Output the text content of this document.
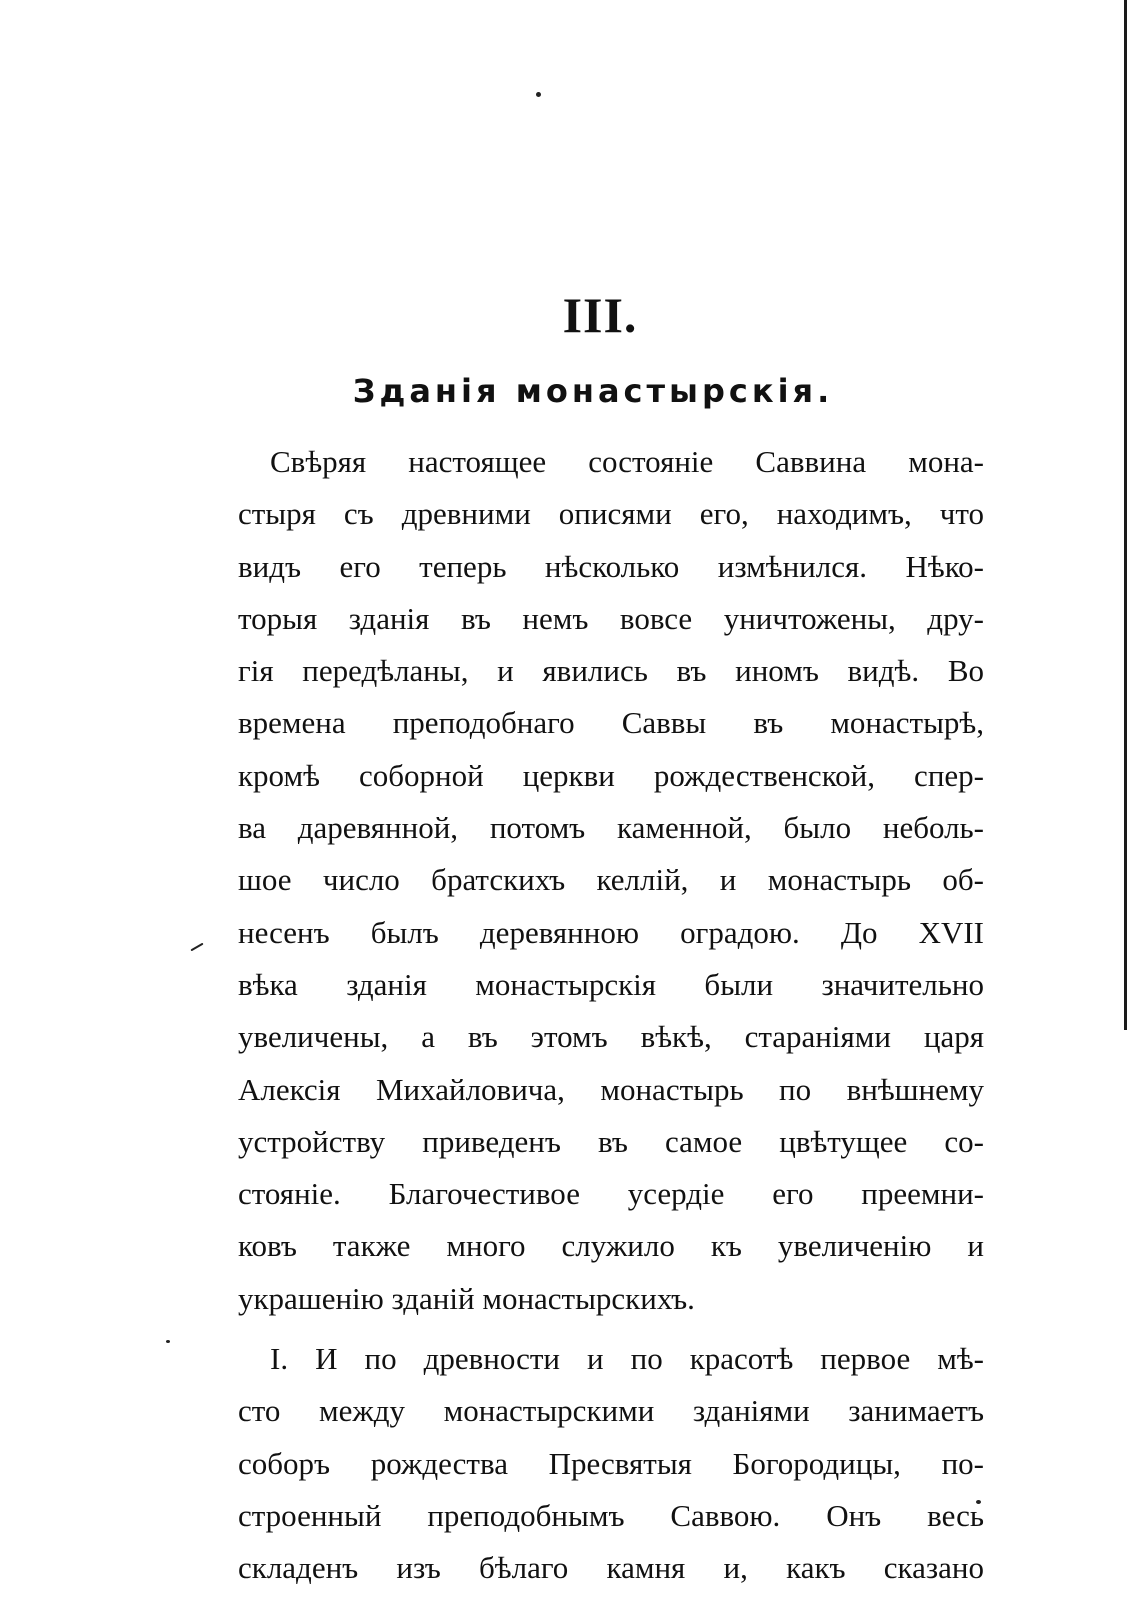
III.
Зданія монастырскія.
Свѣряя настоящее состояніе Саввина мона-
стыря съ древними описями его, находимъ, что
видъ его теперь нѣсколько измѣнился. Нѣко-
торыя зданія въ немъ вовсе уничтожены, дру-
гія передѣланы, и явились въ иномъ видѣ. Во
времена преподобнаго Саввы въ монастырѣ,
кромѣ соборной церкви рождественской, спер-
ва даревянной, потомъ каменной, было неболь-
шое число братскихъ келлій, и монастырь об-
несенъ былъ деревянною оградою. До XVII
вѣка зданія монастырскія были значительно
увеличены, а въ этомъ вѣкѣ, стараніями царя
Алексія Михайловича, монастырь по внѣшнему
устройству приведенъ въ самое цвѣтущее со-
стояніе. Благочестивое усердіе его преемни-
ковъ также много служило къ увеличенію и
украшенію зданій монастырскихъ.
I. И по древности и по красотѣ первое мѣ-
сто между монастырскими зданіями занимаетъ
соборъ рождества Пресвятыя Богородицы, по-
строенный преподобнымъ Саввою. Онъ весь
складенъ изъ бѣлаго камня и, какъ сказано
